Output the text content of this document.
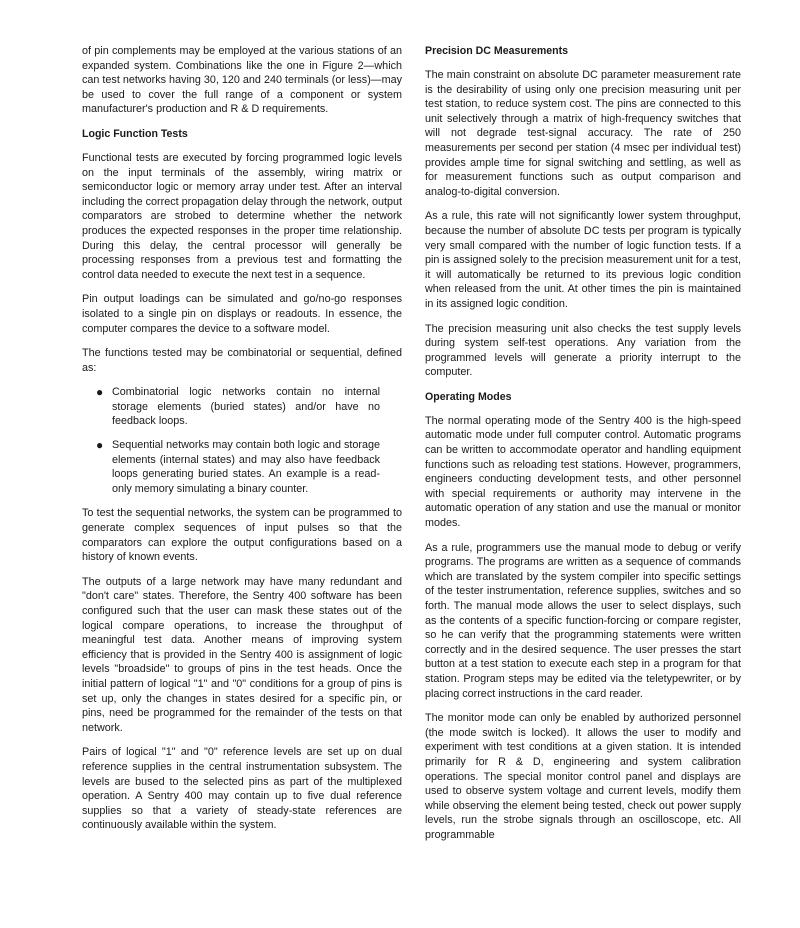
of pin complements may be employed at the various stations of an expanded system. Combinations like the one in Figure 2—which can test networks having 30, 120 and 240 terminals (or less)—may be used to cover the full range of a component or system manufacturer's production and R & D requirements.

Logic Function Tests

Functional tests are executed by forcing programmed logic levels on the input terminals of the assembly, wiring matrix or semiconductor logic or memory array under test. After an interval including the correct propagation delay through the network, output comparators are strobed to determine whether the network produces the expected responses in the proper time relationship. During this delay, the central processor will generally be processing responses from a previous test and formatting the control data needed to execute the next test in a sequence.

Pin output loadings can be simulated and go/no-go responses isolated to a single pin on displays or readouts. In essence, the computer compares the device to a software model.

The functions tested may be combinatorial or sequential, defined as:

● Combinatorial logic networks contain no internal storage elements (buried states) and/or have no feedback loops.
● Sequential networks may contain both logic and storage elements (internal states) and may also have feedback loops generating buried states. An example is a read-only memory simulating a binary counter.

To test the sequential networks, the system can be programmed to generate complex sequences of input pulses so that the comparators can explore the output configurations based on a history of known events.

The outputs of a large network may have many redundant and "don't care" states. Therefore, the Sentry 400 software has been configured such that the user can mask these states out of the logical compare operations, to increase the throughput of meaningful test data. Another means of improving system efficiency that is provided in the Sentry 400 is assignment of logic levels "broadside" to groups of pins in the test heads. Once the initial pattern of logical "1" and "0" conditions for a group of pins is set up, only the changes in states desired for a specific pin, or pins, need be programmed for the remainder of the tests on that network.

Pairs of logical "1" and "0" reference levels are set up on dual reference supplies in the central instrumentation subsystem. The levels are bused to the selected pins as part of the multiplexed operation. A Sentry 400 may contain up to five dual reference supplies so that a variety of steady-state references are continuously available within the system.

Precision DC Measurements

The main constraint on absolute DC parameter measurement rate is the desirability of using only one precision measuring unit per test station, to reduce system cost. The pins are connected to this unit selectively through a matrix of high-frequency switches that will not degrade test-signal accuracy. The rate of 250 measurements per second per station (4 msec per individual test) provides ample time for signal switching and settling, as well as for measurement functions such as output comparison and analog-to-digital conversion.

As a rule, this rate will not significantly lower system throughput, because the number of absolute DC tests per program is typically very small compared with the number of logic function tests. If a pin is assigned solely to the precision measurement unit for a test, it will automatically be returned to its previous logic condition when released from the unit. At other times the pin is maintained in its assigned logic condition.

The precision measuring unit also checks the test supply levels during system self-test operations. Any variation from the programmed levels will generate a priority interrupt to the computer.

Operating Modes

The normal operating mode of the Sentry 400 is the high-speed automatic mode under full computer control. Automatic programs can be written to accommodate operator and handling equipment functions such as reloading test stations. However, programmers, engineers conducting development tests, and other personnel with special requirements or authority may intervene in the automatic operation of any station and use the manual or monitor modes.

As a rule, programmers use the manual mode to debug or verify programs. The programs are written as a sequence of commands which are translated by the system compiler into specific settings of the tester instrumentation, reference supplies, switches and so forth. The manual mode allows the user to select displays, such as the contents of a specific function-forcing or compare register, so he can verify that the programming statements were written correctly and in the desired sequence. The user presses the start button at a test station to execute each step in a program for that station. Program steps may be edited via the teletypewriter, or by placing correct instructions in the card reader.

The monitor mode can only be enabled by authorized personnel (the mode switch is locked). It allows the user to modify and experiment with test conditions at a given station. It is intended primarily for R & D, engineering and system calibration operations. The special monitor control panel and displays are used to observe system voltage and current levels, modify them while observing the element being tested, check out power supply levels, run the strobe signals through an oscilloscope, etc. All programmable
